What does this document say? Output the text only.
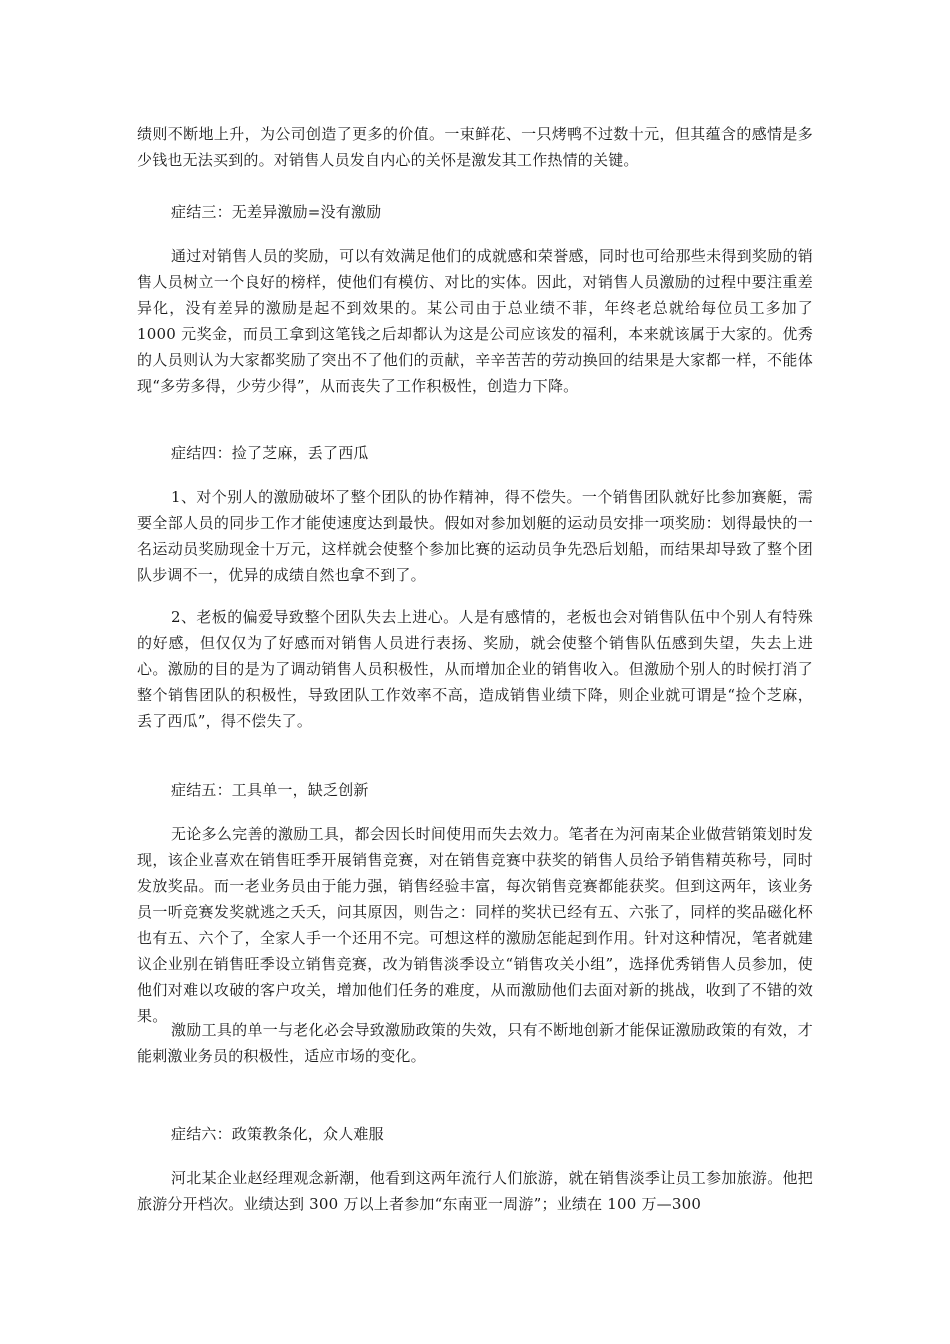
绩则不断地上升，为公司创造了更多的价值。一束鲜花、一只烤鸭不过数十元，但其蕴含的感情是多少钱也无法买到的。对销售人员发自内心的关怀是激发其工作热情的关键。

症结三：无差异激励=没有激励

通过对销售人员的奖励，可以有效满足他们的成就感和荣誉感，同时也可给那些未得到奖励的销售人员树立一个良好的榜样，使他们有模仿、对比的实体。因此，对销售人员激励的过程中要注重差异化，没有差异的激励是起不到效果的。某公司由于总业绩不菲，年终老总就给每位员工多加了 1000 元奖金，而员工拿到这笔钱之后却都认为这是公司应该发的福利，本来就该属于大家的。优秀的人员则认为大家都奖励了突出不了他们的贡献，辛辛苦苦的劳动换回的结果是大家都一样，不能体现“多劳多得，少劳少得”，从而丧失了工作积极性，创造力下降。

症结四：捡了芝麻，丢了西瓜

1、对个别人的激励破坏了整个团队的协作精神，得不偿失。一个销售团队就好比参加赛艇，需要全部人员的同步工作才能使速度达到最快。假如对参加划艇的运动员安排一项奖励：划得最快的一名运动员奖励现金十万元，这样就会使整个参加比赛的运动员争先恐后划船，而结果却导致了整个团队步调不一，优异的成绩自然也拿不到了。

2、老板的偏爱导致整个团队失去上进心。人是有感情的，老板也会对销售队伍中个别人有特殊的好感，但仅仅为了好感而对销售人员进行表扬、奖励，就会使整个销售队伍感到失望，失去上进心。激励的目的是为了调动销售人员积极性，从而增加企业的销售收入。但激励个别人的时候打消了整个销售团队的积极性，导致团队工作效率不高，造成销售业绩下降，则企业就可谓是“捡个芝麻，丢了西瓜”，得不偿失了。

症结五：工具单一，缺乏创新

无论多么完善的激励工具，都会因长时间使用而失去效力。笔者在为河南某企业做营销策划时发现，该企业喜欢在销售旺季开展销售竞赛，对在销售竞赛中获奖的销售人员给予销售精英称号，同时发放奖品。而一老业务员由于能力强，销售经验丰富，每次销售竞赛都能获奖。但到这两年，该业务员一听竞赛发奖就逃之夭夭，问其原因，则告之：同样的奖状已经有五、六张了，同样的奖品磁化杯也有五、六个了，全家人手一个还用不完。可想这样的激励怎能起到作用。针对这种情况，笔者就建议企业别在销售旺季设立销售竞赛，改为销售淡季设立“销售攻关小组”，选择优秀销售人员参加，使他们对难以攻破的客户攻关，增加他们任务的难度，从而激励他们去面对新的挑战，收到了不错的效果。

激励工具的单一与老化必会导致激励政策的失效，只有不断地创新才能保证激励政策的有效，才能刺激业务员的积极性，适应市场的变化。

症结六：政策教条化，众人难服

河北某企业赵经理观念新潮，他看到这两年流行人们旅游，就在销售淡季让员工参加旅游。他把旅游分开档次。业绩达到 300 万以上者参加“东南亚一周游”；业绩在 100 万—300
